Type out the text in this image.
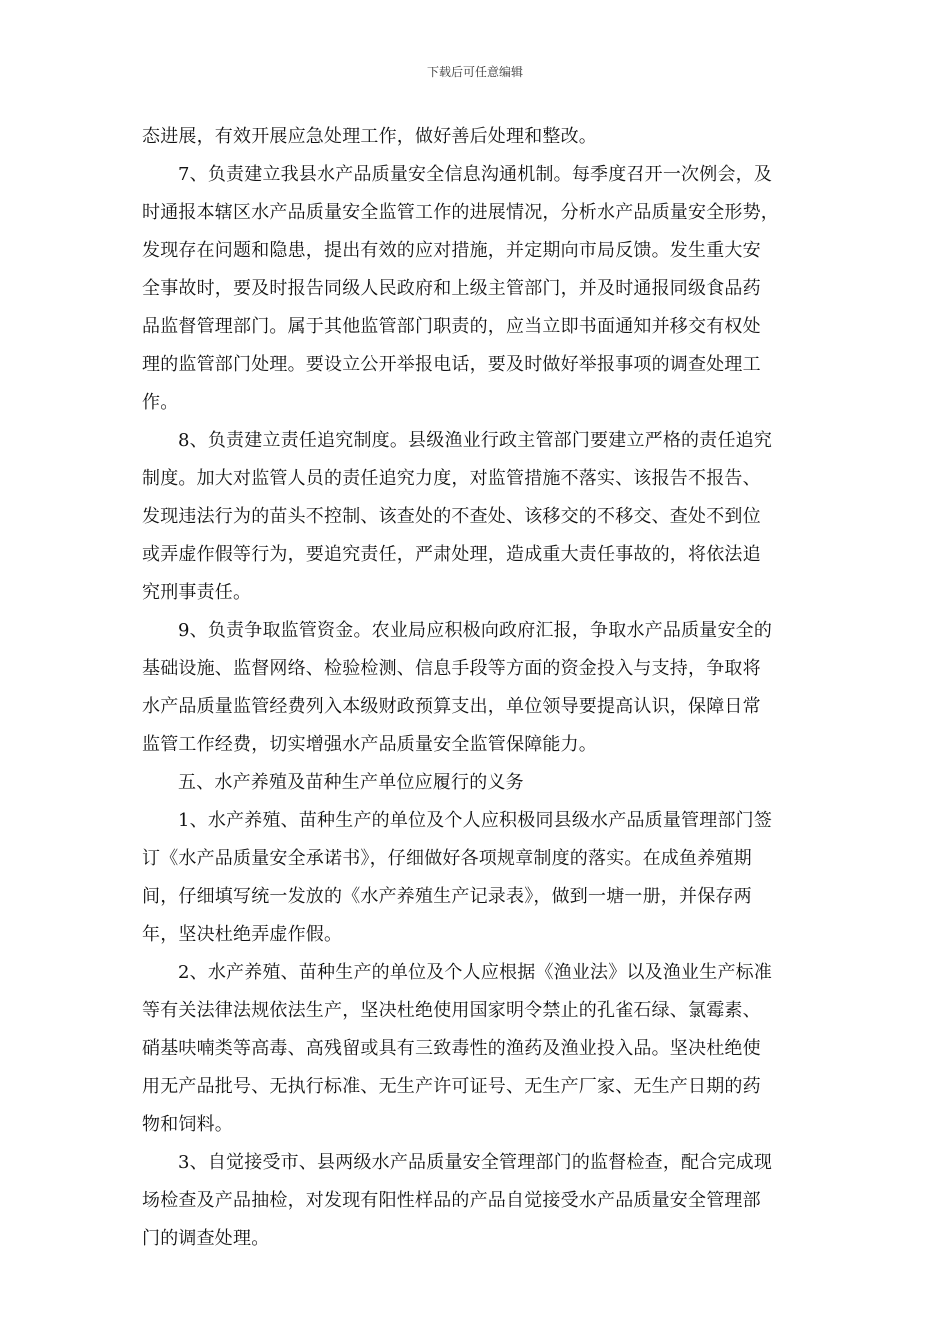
下载后可任意编辑
态进展，有效开展应急处理工作，做好善后处理和整改。
7、负责建立我县水产品质量安全信息沟通机制。每季度召开一次例会，及
时通报本辖区水产品质量安全监管工作的进展情况，分析水产品质量安全形势，
发现存在问题和隐患，提出有效的应对措施，并定期向市局反馈。发生重大安
全事故时，要及时报告同级人民政府和上级主管部门，并及时通报同级食品药
品监督管理部门。属于其他监管部门职责的，应当立即书面通知并移交有权处
理的监管部门处理。要设立公开举报电话，要及时做好举报事项的调查处理工
作。
8、负责建立责任追究制度。县级渔业行政主管部门要建立严格的责任追究
制度。加大对监管人员的责任追究力度，对监管措施不落实、该报告不报告、
发现违法行为的苗头不控制、该查处的不查处、该移交的不移交、查处不到位
或弄虚作假等行为，要追究责任，严肃处理，造成重大责任事故的，将依法追
究刑事责任。
9、负责争取监管资金。农业局应积极向政府汇报，争取水产品质量安全的
基础设施、监督网络、检验检测、信息手段等方面的资金投入与支持，争取将
水产品质量监管经费列入本级财政预算支出，单位领导要提高认识，保障日常
监管工作经费，切实增强水产品质量安全监管保障能力。
五、水产养殖及苗种生产单位应履行的义务
1、水产养殖、苗种生产的单位及个人应积极同县级水产品质量管理部门签
订《水产品质量安全承诺书》，仔细做好各项规章制度的落实。在成鱼养殖期
间，仔细填写统一发放的《水产养殖生产记录表》，做到一塘一册，并保存两
年，坚决杜绝弄虚作假。
2、水产养殖、苗种生产的单位及个人应根据《渔业法》以及渔业生产标准
等有关法律法规依法生产，坚决杜绝使用国家明令禁止的孔雀石绿、氯霉素、
硝基呋喃类等高毒、高残留或具有三致毒性的渔药及渔业投入品。坚决杜绝使
用无产品批号、无执行标准、无生产许可证号、无生产厂家、无生产日期的药
物和饲料。
3、自觉接受市、县两级水产品质量安全管理部门的监督检查，配合完成现
场检查及产品抽检，对发现有阳性样品的产品自觉接受水产品质量安全管理部
门的调查处理。
